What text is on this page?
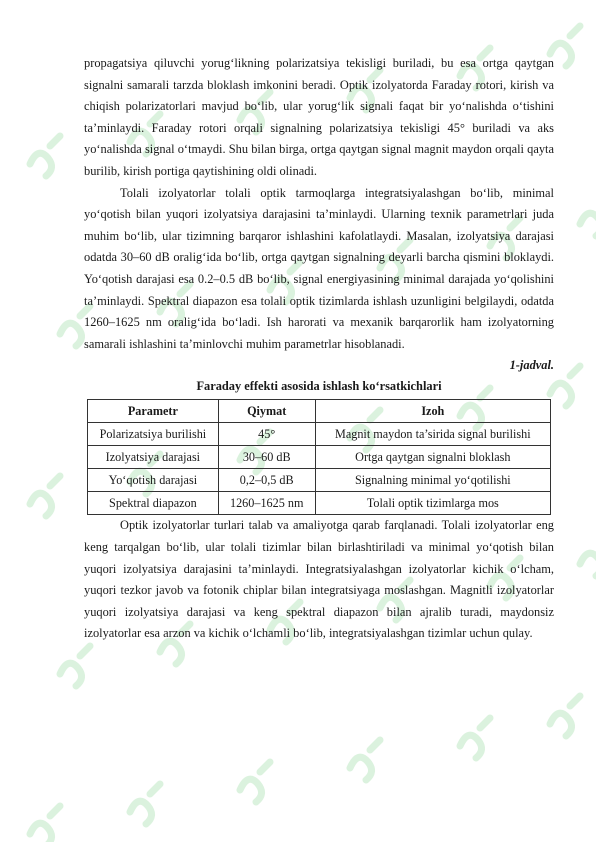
propagatsiya qiluvchi yorug‘likning polarizatsiya tekisligi buriladi, bu esa ortga qaytgan signalni samarali tarzda bloklash imkonini beradi. Optik izolyatorda Faraday rotori, kirish va chiqish polarizatorlari mavjud bo‘lib, ular yorug‘lik signali faqat bir yo‘nalishda o‘tishini ta’minlaydi. Faraday rotori orqali signalning polarizatsiya tekisligi 45° buriladi va aks yo‘nalishda signal o‘tmaydi. Shu bilan birga, ortga qaytgan signal magnit maydon orqali qayta burilib, kirish portiga qaytishining oldi olinadi.

Tolali izolyatorlar tolali optik tarmoqlarga integratsiyalashgan bo‘lib, minimal yo‘qotish bilan yuqori izolyatsiya darajasini ta’minlaydi. Ularning texnik parametrlari juda muhim bo‘lib, ular tizimning barqaror ishlashini kafolatlaydi. Masalan, izolyatsiya darajasi odatda 30–60 dB oralig‘ida bo‘lib, ortga qaytgan signalning deyarli barcha qismini bloklaydi. Yo‘qotish darajasi esa 0.2–0.5 dB bo‘lib, signal energiyasining minimal darajada yo‘qolishini ta’minlaydi. Spektral diapazon esa tolali optik tizimlarda ishlash uzunligini belgilaydi, odatda 1260–1625 nm oralig‘ida bo‘ladi. Ish harorati va mexanik barqarorlik ham izolyatorning samarali ishlashini ta’minlovchi muhim parametrlar hisoblanadi.

1-jadval.

Faraday effekti asosida ishlash ko‘rsatkichlari

Parametr	Qiymat	Izoh
Polarizatsiya burilishi	45°	Magnit maydon ta’sirida signal burilishi
Izolyatsiya darajasi	30–60 dB	Ortga qaytgan signalni bloklash
Yo‘qotish darajasi	0,2–0,5 dB	Signalning minimal yo‘qotilishi
Spektral diapazon	1260–1625 nm	Tolali optik tizimlarga mos

Optik izolyatorlar turlari talab va amaliyotga qarab farqlanadi. Tolali izolyatorlar eng keng tarqalgan bo‘lib, ular tolali tizimlar bilan birlashtiriladi va minimal yo‘qotish bilan yuqori izolyatsiya darajasini ta’minlaydi. Integratsiyalashgan izolyatorlar kichik o‘lcham, yuqori tezkor javob va fotonik chiplar bilan integratsiyaga moslashgan. Magnitli izolyatorlar yuqori izolyatsiya darajasi va keng spektral diapazon bilan ajralib turadi, maydonsiz izolyatorlar esa arzon va kichik o‘lchamli bo‘lib, integratsiyalashgan tizimlar uchun qulay.
